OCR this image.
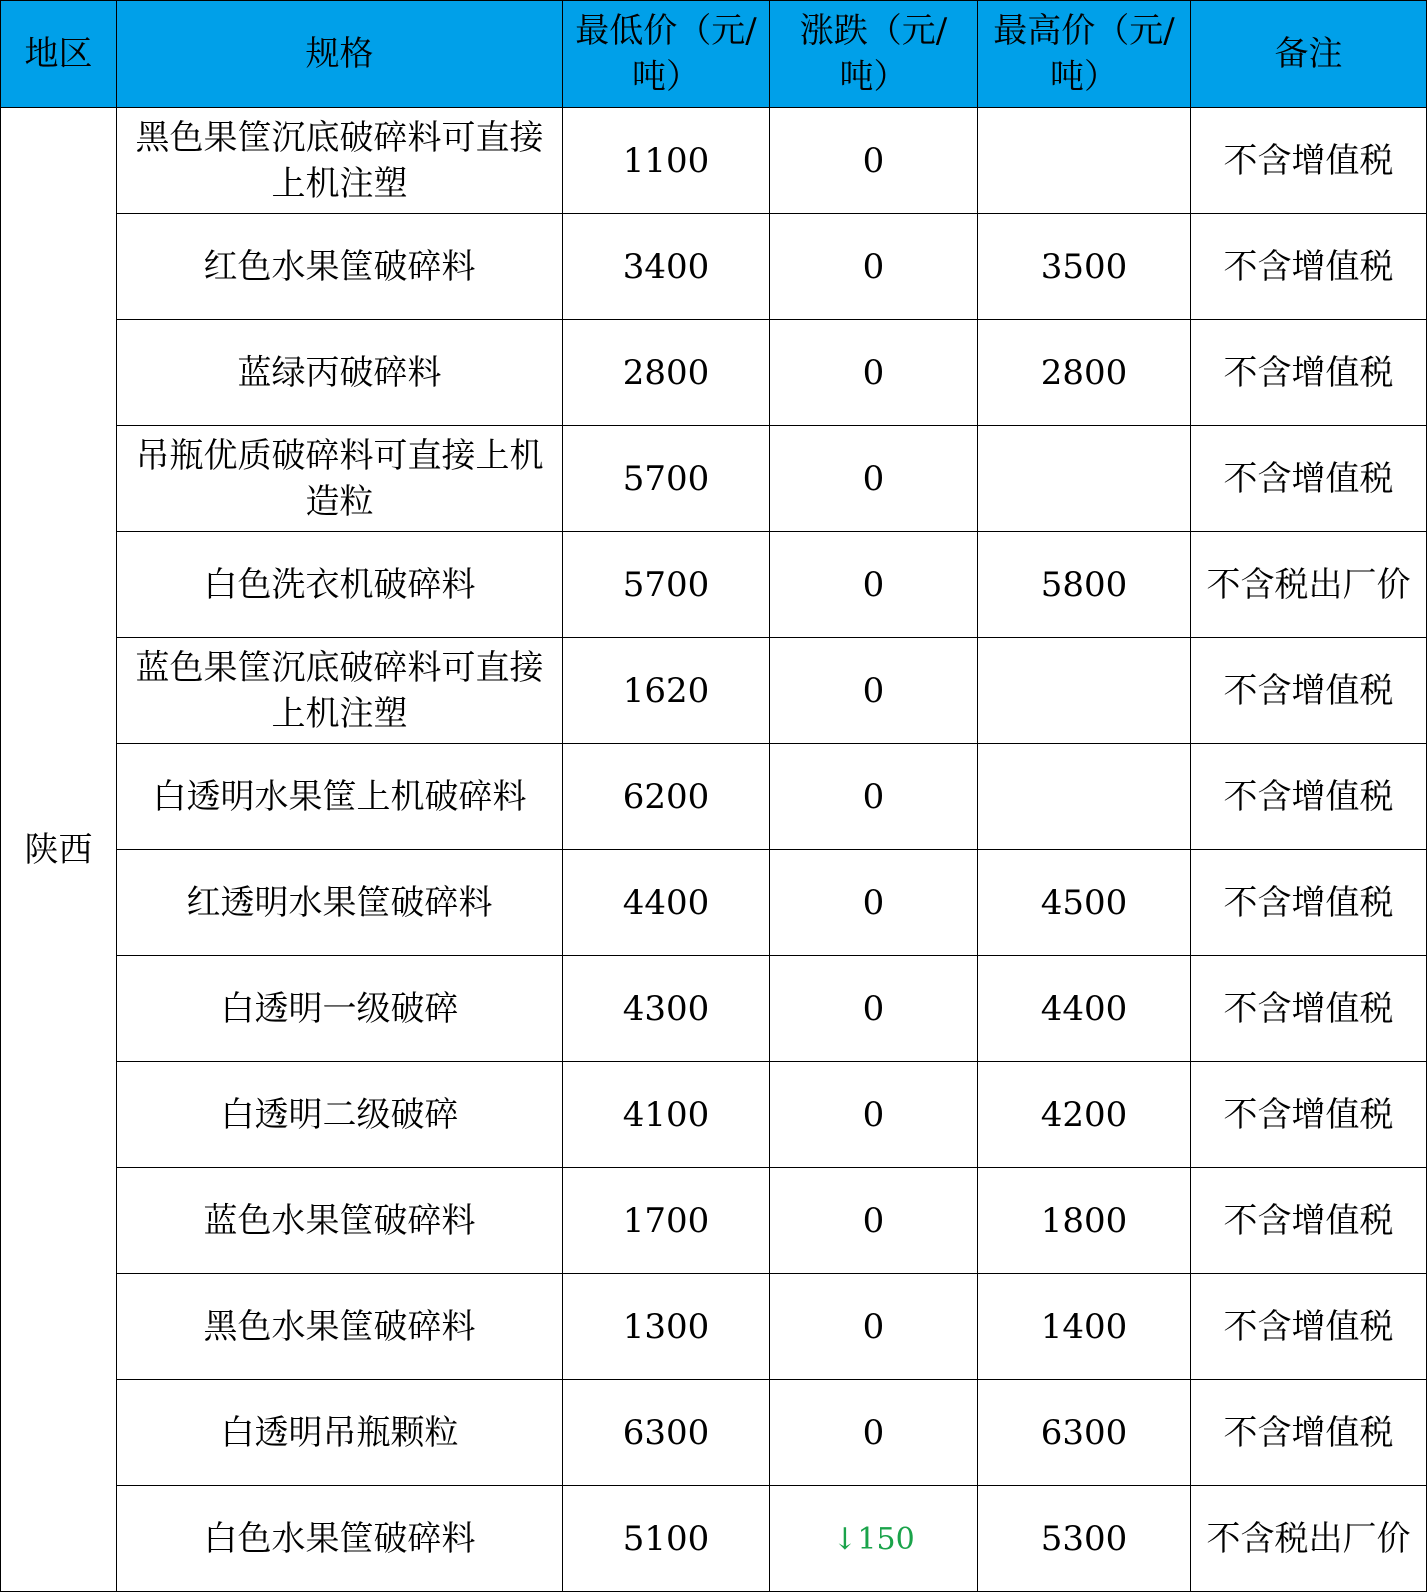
地区	规格	最低价（元/吨）	涨跌（元/吨）	最高价（元/吨）	备注
陕西	黑色果筐沉底破碎料可直接上机注塑	1100	0		不含增值税
	红色水果筐破碎料	3400	0	3500	不含增值税
	蓝绿丙破碎料	2800	0	2800	不含增值税
	吊瓶优质破碎料可直接上机造粒	5700	0		不含增值税
	白色洗衣机破碎料	5700	0	5800	不含税出厂价
	蓝色果筐沉底破碎料可直接上机注塑	1620	0		不含增值税
	白透明水果筐上机破碎料	6200	0		不含增值税
	红透明水果筐破碎料	4400	0	4500	不含增值税
	白透明一级破碎	4300	0	4400	不含增值税
	白透明二级破碎	4100	0	4200	不含增值税
	蓝色水果筐破碎料	1700	0	1800	不含增值税
	黑色水果筐破碎料	1300	0	1400	不含增值税
	白透明吊瓶颗粒	6300	0	6300	不含增值税
	白色水果筐破碎料	5100	↓150	5300	不含税出厂价
